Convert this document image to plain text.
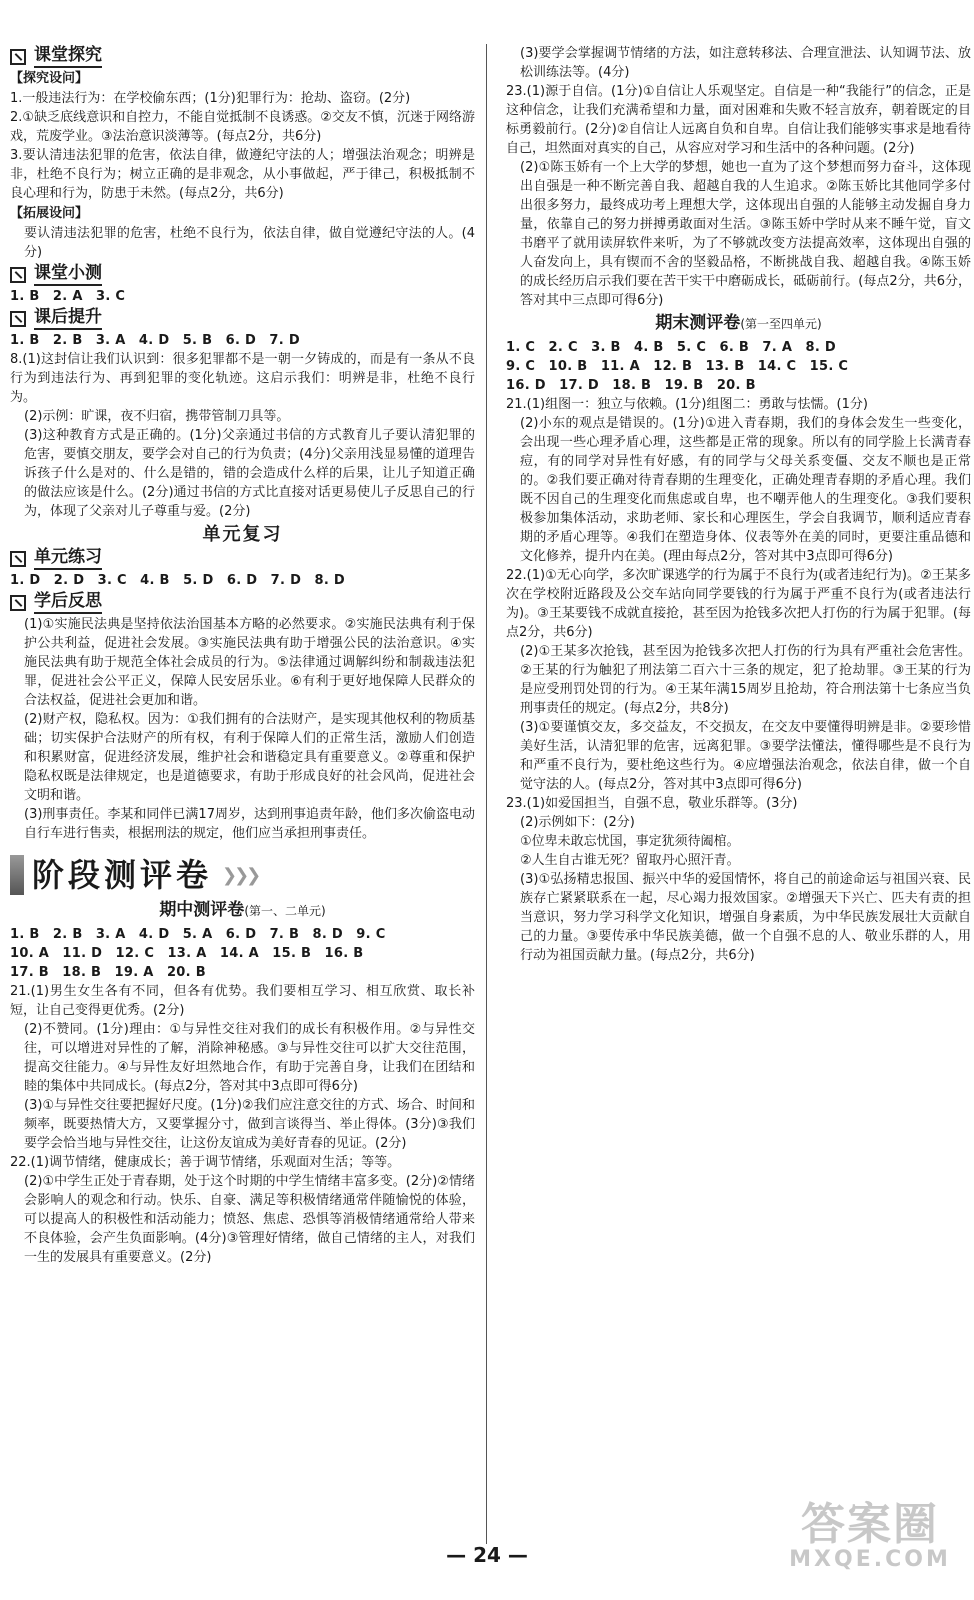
课堂探究
【探究设问】

1.一般违法行为：在学校偷东西；(1分)犯罪行为：抢劫、盗窃。(2分)

2.①缺乏底线意识和自控力，不能自觉抵制不良诱惑。②交友不慎，沉迷于网络游戏，荒废学业。③法治意识淡薄等。(每点2分，共6分)

3.要认清违法犯罪的危害，依法自律，做遵纪守法的人；增强法治观念；明辨是非，杜绝不良行为；树立正确的是非观念，从小事做起，严于律己，积极抵制不良心理和行为，防患于未然。(每点2分，共6分)

【拓展设问】

要认清违法犯罪的危害，杜绝不良行为，依法自律，做自觉遵纪守法的人。(4分)

课堂小测

1. B　2. A　3. C

课后提升

1. B　2. B　3. A　4. D　5. B　6. D　7. D

8.(1)这封信让我们认识到：很多犯罪都不是一朝一夕铸成的，而是有一条从不良行为到违法行为、再到犯罪的变化轨迹。这启示我们：明辨是非，杜绝不良行为。

(2)示例：旷课，夜不归宿，携带管制刀具等。

(3)这种教育方式是正确的。(1分)父亲通过书信的方式教育儿子要认清犯罪的危害，要慎交朋友，要学会对自己的行为负责；(4分)父亲用浅显易懂的道理告诉孩子什么是对的、什么是错的，错的会造成什么样的后果，让儿子知道正确的做法应该是什么。(2分)通过书信的方式比直接对话更易使儿子反思自己的行为，体现了父亲对儿子尊重与爱。(2分)

单元复习
单元练习

1. D　2. D　3. C　4. B　5. D　6. D　7. D　8. D

学后反思

(1)①实施民法典是坚持依法治国基本方略的必然要求。②实施民法典有利于保护公共利益，促进社会发展。③实施民法典有助于增强公民的法治意识。④实施民法典有助于规范全体社会成员的行为。⑤法律通过调解纠纷和制裁违法犯罪，促进社会公平正义，保障人民安居乐业。⑥有利于更好地保障人民群众的合法权益，促进社会更加和谐。

(2)财产权，隐私权。因为：①我们拥有的合法财产，是实现其他权利的物质基础；切实保护合法财产的所有权，有利于保障人们的正常生活，激励人们创造和积累财富，促进经济发展，维护社会和谐稳定具有重要意义。②尊重和保护隐私权既是法律规定，也是道德要求，有助于形成良好的社会风尚，促进社会文明和谐。

(3)刑事责任。李某和同伴已满17周岁，达到刑事追责年龄，他们多次偷盗电动自行车进行售卖，根据刑法的规定，他们应当承担刑事责任。

阶段测评卷 ❯❯❯
期中测评卷(第一、二单元)

1. B　2. B　3. A　4. D　5. A　6. D　7. B　8. D　9. C

10. A　11. D　12. C　13. A　14. A　15. B　16. B

17. B　18. B　19. A　20. B

21.(1)男生女生各有不同，但各有优势。我们要相互学习、相互欣赏、取长补短，让自己变得更优秀。(2分)

(2)不赞同。(1分)理由：①与异性交往对我们的成长有积极作用。②与异性交往，可以增进对异性的了解，消除神秘感。③与异性交往可以扩大交往范围，提高交往能力。④与异性友好坦然地合作，有助于完善自身，让我们在团结和睦的集体中共同成长。(每点2分，答对其中3点即可得6分)

(3)①与异性交往要把握好尺度。(1分)②我们应注意交往的方式、场合、时间和频率，既要热情大方，又要掌握分寸，做到言谈得当、举止得体。(3分)③我们要学会恰当地与异性交往，让这份友谊成为美好青春的见证。(2分)

22.(1)调节情绪，健康成长；善于调节情绪，乐观面对生活；等等。

(2)①中学生正处于青春期，处于这个时期的中学生情绪丰富多变。(2分)②情绪会影响人的观念和行动。快乐、自豪、满足等积极情绪通常伴随愉悦的体验，可以提高人的积极性和活动能力；愤怒、焦虑、恐惧等消极情绪通常给人带来不良体验，会产生负面影响。(4分)③管理好情绪，做自己情绪的主人，对我们一生的发展具有重要意义。(2分)

(3)要学会掌握调节情绪的方法，如注意转移法、合理宣泄法、认知调节法、放松训练法等。(4分)

23.(1)源于自信。(1分)①自信让人乐观坚定。自信是一种“我能行”的信念，正是这种信念，让我们充满希望和力量，面对困难和失败不轻言放弃，朝着既定的目标勇毅前行。(2分)②自信让人远离自负和自卑。自信让我们能够实事求是地看待自己，坦然面对真实的自己，从容应对学习和生活中的各种问题。(2分)

(2)①陈玉娇有一个上大学的梦想，她也一直为了这个梦想而努力奋斗，这体现出自强是一种不断完善自我、超越自我的人生追求。②陈玉娇比其他同学多付出很多努力，最终成功考上理想大学，这体现出自强的人能够主动发掘自身力量，依靠自己的努力拼搏勇敢面对生活。③陈玉娇中学时从来不睡午觉，盲文书磨平了就用读屏软件来听，为了不够就改变方法提高效率，这体现出自强的人奋发向上，具有锲而不舍的坚毅品格，不断挑战自我、超越自我。④陈玉娇的成长经历启示我们要在苦干实干中磨砺成长，砥砺前行。(每点2分，共6分，答对其中三点即可得6分)

期末测评卷(第一至四单元)

1. C　2. C　3. B　4. B　5. C　6. B　7. A　8. D

9. C　10. B　11. A　12. B　13. B　14. C　15. C

16. D　17. D　18. B　19. B　20. B

21.(1)组图一：独立与依赖。(1分)组图二：勇敢与怯懦。(1分)

(2)小东的观点是错误的。(1分)①进入青春期，我们的身体会发生一些变化，会出现一些心理矛盾心理，这些都是正常的现象。所以有的同学脸上长满青春痘，有的同学对异性有好感，有的同学与父母关系变僵、交友不顺也是正常的。②我们要正确对待青春期的生理变化，正确处理青春期的矛盾心理。我们既不因自己的生理变化而焦虑或自卑，也不嘲弄他人的生理变化。③我们要积极参加集体活动，求助老师、家长和心理医生，学会自我调节，顺利适应青春期的矛盾心理等。④我们在塑造身体、仪表等外在美的同时，更要注重品德和文化修养，提升内在美。(理由每点2分，答对其中3点即可得6分)

22.(1)①无心向学，多次旷课逃学的行为属于不良行为(或者违纪行为)。②王某多次在学校附近路段及公交车站向同学要钱的行为属于严重不良行为(或者违法行为)。③王某要钱不成就直接抢，甚至因为抢钱多次把人打伤的行为属于犯罪。(每点2分，共6分)

(2)①王某多次抢钱，甚至因为抢钱多次把人打伤的行为具有严重社会危害性。②王某的行为触犯了刑法第二百六十三条的规定，犯了抢劫罪。③王某的行为是应受刑罚处罚的行为。④王某年满15周岁且抢劫，符合刑法第十七条应当负刑事责任的规定。(每点2分，共8分)

(3)①要谨慎交友，多交益友，不交损友，在交友中要懂得明辨是非。②要珍惜美好生活，认清犯罪的危害，远离犯罪。③要学法懂法，懂得哪些是不良行为和严重不良行为，要杜绝这些行为。④应增强法治观念，依法自律，做一个自觉守法的人。(每点2分，答对其中3点即可得6分)

23.(1)如爱国担当，自强不息，敬业乐群等。(3分)

(2)示例如下：(2分)

①位卑未敢忘忧国，事定犹须待阖棺。

②人生自古谁无死？留取丹心照汗青。

(3)①弘扬精忠报国、振兴中华的爱国情怀，将自己的前途命运与祖国兴衰、民族存亡紧紧联系在一起，尽心竭力报效国家。②增强天下兴亡、匹夫有责的担当意识，努力学习科学文化知识，增强自身素质，为中华民族发展壮大贡献自己的力量。③要传承中华民族美德，做一个自强不息的人、敬业乐群的人，用行动为祖国贡献力量。(每点2分，共6分)

— 24 —
答案圈
MXQE.COM
